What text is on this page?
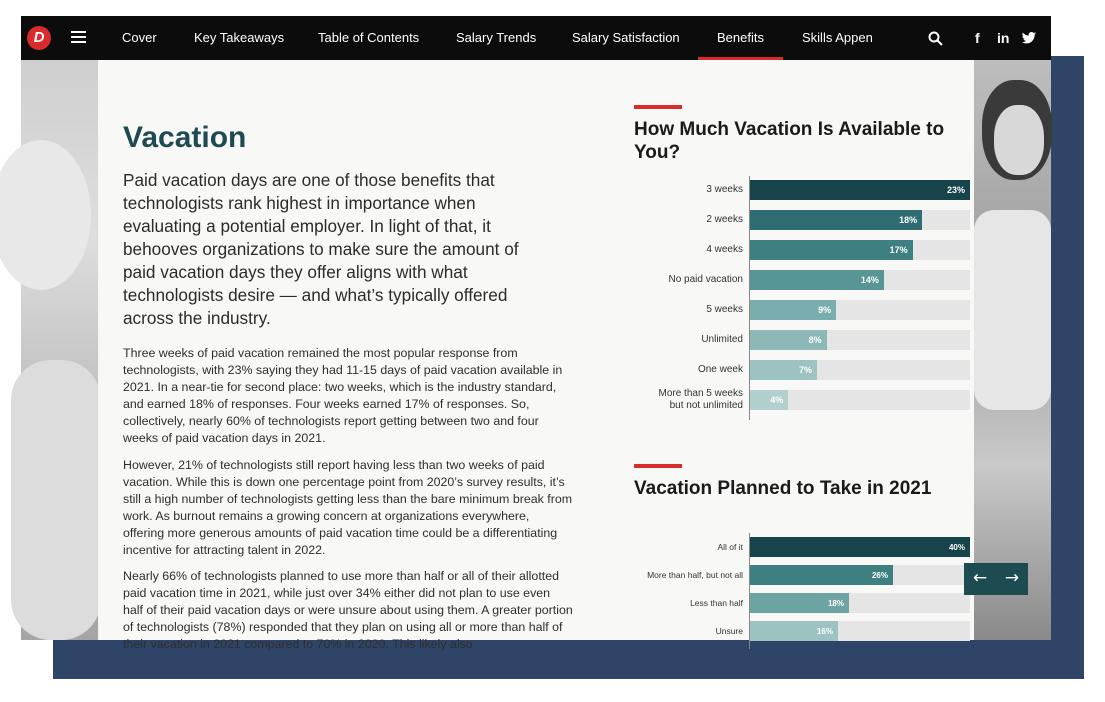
D	Cover	Key Takeaways	Table of Contents	Salary Trends	Salary Satisfaction	Benefits	Skills Appen	f in
Vacation

Paid vacation days are one of those benefits that technologists rank highest in importance when evaluating a potential employer. In light of that, it behooves organizations to make sure the amount of paid vacation days they offer aligns with what technologists desire — and what’s typically offered across the industry.

Three weeks of paid vacation remained the most popular response from technologists, with 23% saying they had 11-15 days of paid vacation available in 2021. In a near-tie for second place: two weeks, which is the industry standard, and earned 18% of responses. Four weeks earned 17% of responses. So, collectively, nearly 60% of technologists report getting between two and four weeks of paid vacation days in 2021.

However, 21% of technologists still report having less than two weeks of paid vacation. While this is down one percentage point from 2020’s survey results, it’s still a high number of technologists getting less than the bare minimum break from work. As burnout remains a growing concern at organizations everywhere, offering more generous amounts of paid vacation time could be a differentiating incentive for attracting talent in 2022.

Nearly 66% of technologists planned to use more than half or all of their allotted paid vacation time in 2021, while just over 34% either did not plan to use even half of their paid vacation days or were unsure about using them. A greater portion of technologists (78%) responded that they plan on using all or more than half of their vacation in 2021 compared to 70% in 2020. This likely also

How Much Vacation Is Available to You?
3 weeks	23%
2 weeks	18%
4 weeks	17%
No paid vacation	14%
5 weeks	9%
Unlimited	8%
One week	7%
More than 5 weeks but not unlimited	4%
Vacation Planned to Take in 2021
All of it	40%
More than half, but not all	26%
Less than half	18%
Unsure	16%
←	→
